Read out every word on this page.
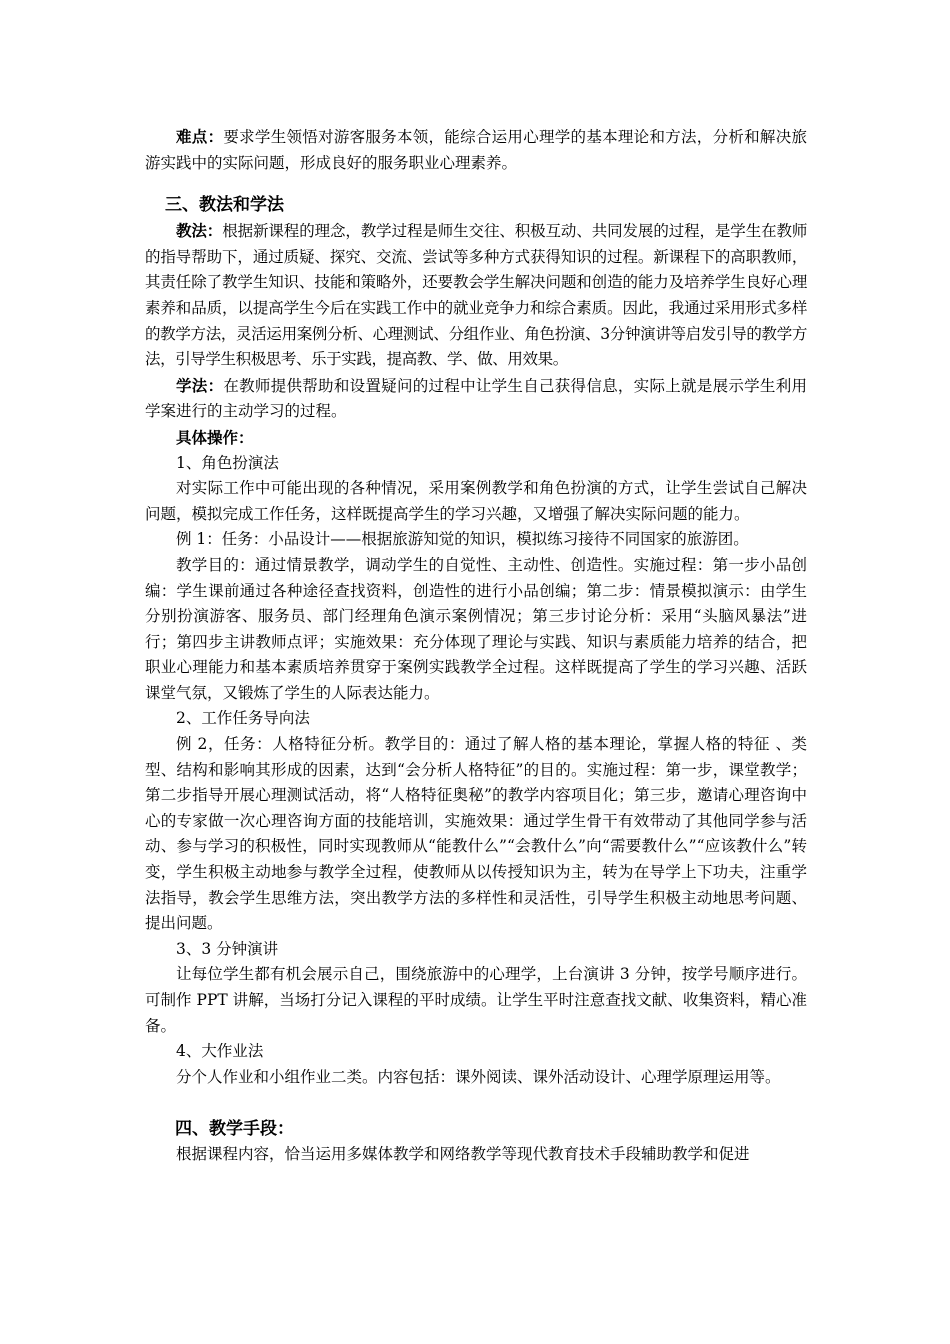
难点：要求学生领悟对游客服务本领，能综合运用心理学的基本理论和方法，分析和解决旅游实践中的实际问题，形成良好的服务职业心理素养。

三、教法和学法

教法：根据新课程的理念，教学过程是师生交往、积极互动、共同发展的过程，是学生在教师的指导帮助下，通过质疑、探究、交流、尝试等多种方式获得知识的过程。新课程下的高职教师，其责任除了教学生知识、技能和策略外，还要教会学生解决问题和创造的能力及培养学生良好心理素养和品质，以提高学生今后在实践工作中的就业竞争力和综合素质。因此，我通过采用形式多样的教学方法，灵活运用案例分析、心理测试、分组作业、角色扮演、3分钟演讲等启发引导的教学方法，引导学生积极思考、乐于实践，提高教、学、做、用效果。

学法：在教师提供帮助和设置疑问的过程中让学生自己获得信息，实际上就是展示学生利用学案进行的主动学习的过程。

具体操作：

1、角色扮演法

对实际工作中可能出现的各种情况，采用案例教学和角色扮演的方式，让学生尝试自己解决问题，模拟完成工作任务，这样既提高学生的学习兴趣，又增强了解决实际问题的能力。

例 1：任务：小品设计——根据旅游知觉的知识，模拟练习接待不同国家的旅游团。

教学目的：通过情景教学，调动学生的自觉性、主动性、创造性。实施过程：第一步小品创编：学生课前通过各种途径查找资料，创造性的进行小品创编；第二步：情景模拟演示：由学生分别扮演游客、服务员、部门经理角色演示案例情况；第三步讨论分析：采用“头脑风暴法”进行；第四步主讲教师点评；实施效果：充分体现了理论与实践、知识与素质能力培养的结合，把职业心理能力和基本素质培养贯穿于案例实践教学全过程。这样既提高了学生的学习兴趣、活跃课堂气氛，又锻炼了学生的人际表达能力。

2、工作任务导向法

例 2，任务：人格特征分析。教学目的：通过了解人格的基本理论，掌握人格的特征 、类型、结构和影响其形成的因素，达到“会分析人格特征”的目的。实施过程：第一步，课堂教学；第二步指导开展心理测试活动，将“人格特征奥秘”的教学内容项目化；第三步，邀请心理咨询中心的专家做一次心理咨询方面的技能培训，实施效果：通过学生骨干有效带动了其他同学参与活动、参与学习的积极性，同时实现教师从“能教什么”“会教什么”向“需要教什么”“应该教什么”转变，学生积极主动地参与教学全过程，使教师从以传授知识为主，转为在导学上下功夫，注重学法指导，教会学生思维方法，突出教学方法的多样性和灵活性，引导学生积极主动地思考问题、提出问题。

3、3 分钟演讲

让每位学生都有机会展示自己，围绕旅游中的心理学，上台演讲 3 分钟，按学号顺序进行。可制作 PPT 讲解，当场打分记入课程的平时成绩。让学生平时注意查找文献、收集资料，精心准备。

4、大作业法

分个人作业和小组作业二类。内容包括：课外阅读、课外活动设计、心理学原理运用等。

四、教学手段：

根据课程内容，恰当运用多媒体教学和网络教学等现代教育技术手段辅助教学和促进
